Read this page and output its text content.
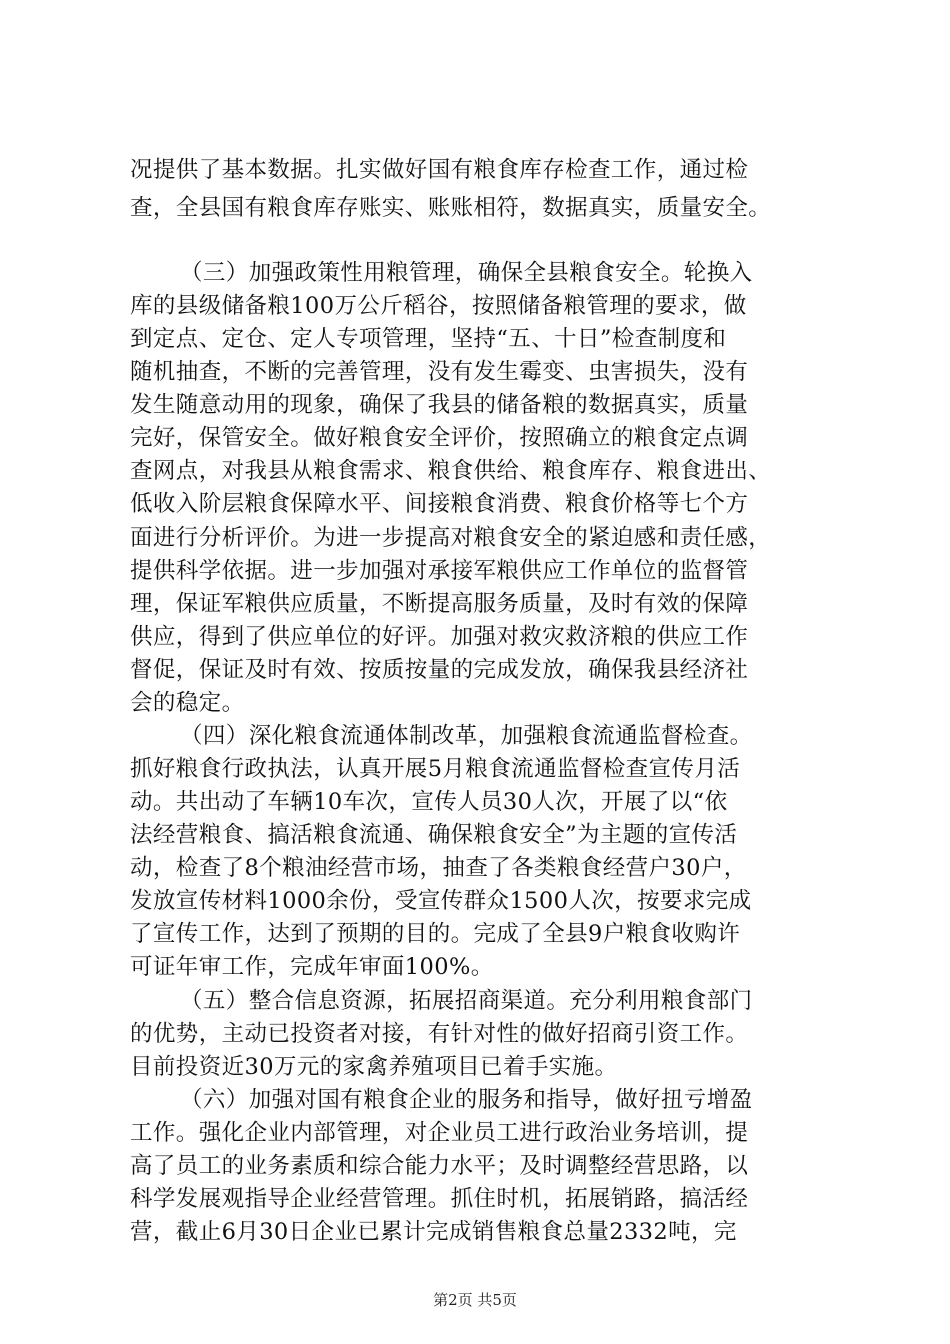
况提供了基本数据。扎实做好国有粮食库存检查工作，通过检
查，全县国有粮食库存账实、账账相符，数据真实，质量安全。
（三）加强政策性用粮管理，确保全县粮食安全。轮换入
库的县级储备粮100万公斤稻谷，按照储备粮管理的要求，做
到定点、定仓、定人专项管理，坚持“五、十日”检查制度和
随机抽查，不断的完善管理，没有发生霉变、虫害损失，没有
发生随意动用的现象，确保了我县的储备粮的数据真实，质量
完好，保管安全。做好粮食安全评价，按照确立的粮食定点调
查网点，对我县从粮食需求、粮食供给、粮食库存、粮食进出、
低收入阶层粮食保障水平、间接粮食消费、粮食价格等七个方
面进行分析评价。为进一步提高对粮食安全的紧迫感和责任感，
提供科学依据。进一步加强对承接军粮供应工作单位的监督管
理，保证军粮供应质量，不断提高服务质量，及时有效的保障
供应，得到了供应单位的好评。加强对救灾救济粮的供应工作
督促，保证及时有效、按质按量的完成发放，确保我县经济社
会的稳定。
（四）深化粮食流通体制改革，加强粮食流通监督检查。
抓好粮食行政执法，认真开展5月粮食流通监督检查宣传月活
动。共出动了车辆10车次，宣传人员30人次，开展了以“依
法经营粮食、搞活粮食流通、确保粮食安全”为主题的宣传活
动，检查了8个粮油经营市场，抽查了各类粮食经营户30户，
发放宣传材料1000余份，受宣传群众1500人次，按要求完成
了宣传工作，达到了预期的目的。完成了全县9户粮食收购许
可证年审工作，完成年审面100%。
（五）整合信息资源，拓展招商渠道。充分利用粮食部门
的优势，主动已投资者对接，有针对性的做好招商引资工作。
目前投资近30万元的家禽养殖项目已着手实施。
（六）加强对国有粮食企业的服务和指导，做好扭亏增盈
工作。强化企业内部管理，对企业员工进行政治业务培训，提
高了员工的业务素质和综合能力水平；及时调整经营思路，以
科学发展观指导企业经营管理。抓住时机，拓展销路，搞活经
营，截止6月30日企业已累计完成销售粮食总量2332吨，完
第2页 共5页
